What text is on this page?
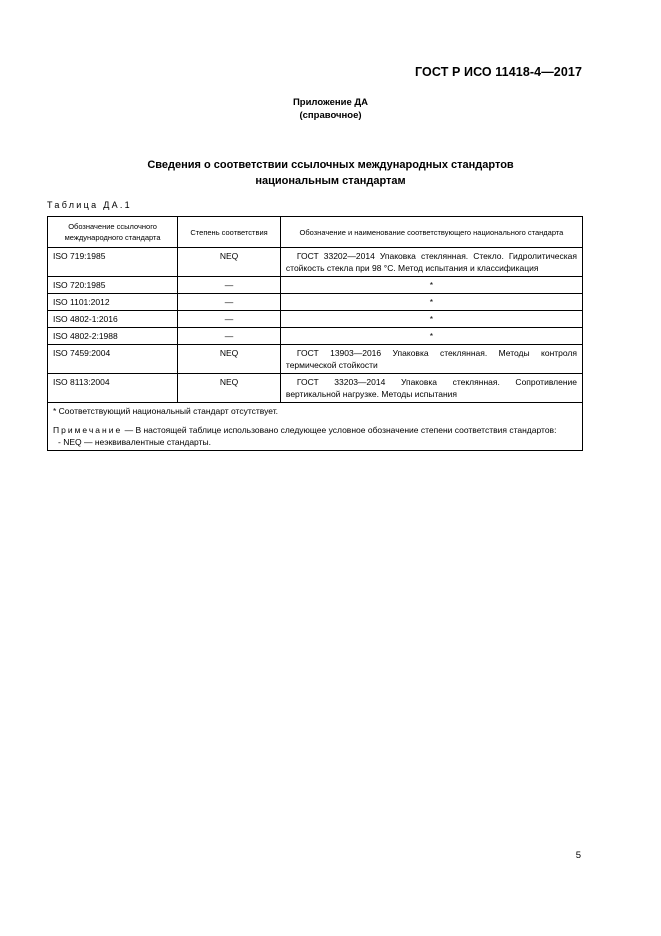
ГОСТ Р ИСО 11418-4—2017
Приложение ДА
(справочное)
Сведения о соответствии ссылочных международных стандартов
национальным стандартам
Таблица ДА.1
Обозначение ссылочного международного стандарта	Степень соответствия	Обозначение и наименование соответствующего национального стандарта
ISO 719:1985	NEQ	ГОСТ 33202—2014 Упаковка стеклянная. Стекло. Гидролитическая стойкость стекла при 98 °С. Метод испытания и классификация
ISO 720:1985	—	*
ISO 1101:2012	—	*
ISO 4802-1:2016	—	*
ISO 4802-2:1988	—	*
ISO 7459:2004	NEQ	ГОСТ 13903—2016 Упаковка стеклянная. Методы контроля термической стойкости
ISO 8113:2004	NEQ	ГОСТ 33203—2014 Упаковка стеклянная. Сопротивление вертикальной нагрузке. Методы испытания

* Соответствующий национальный стандарт отсутствует.
Примечание — В настоящей таблице использовано следующее условное обозначение степени соответствия стандартов:
- NEQ — неэквивалентные стандарты.		
5
